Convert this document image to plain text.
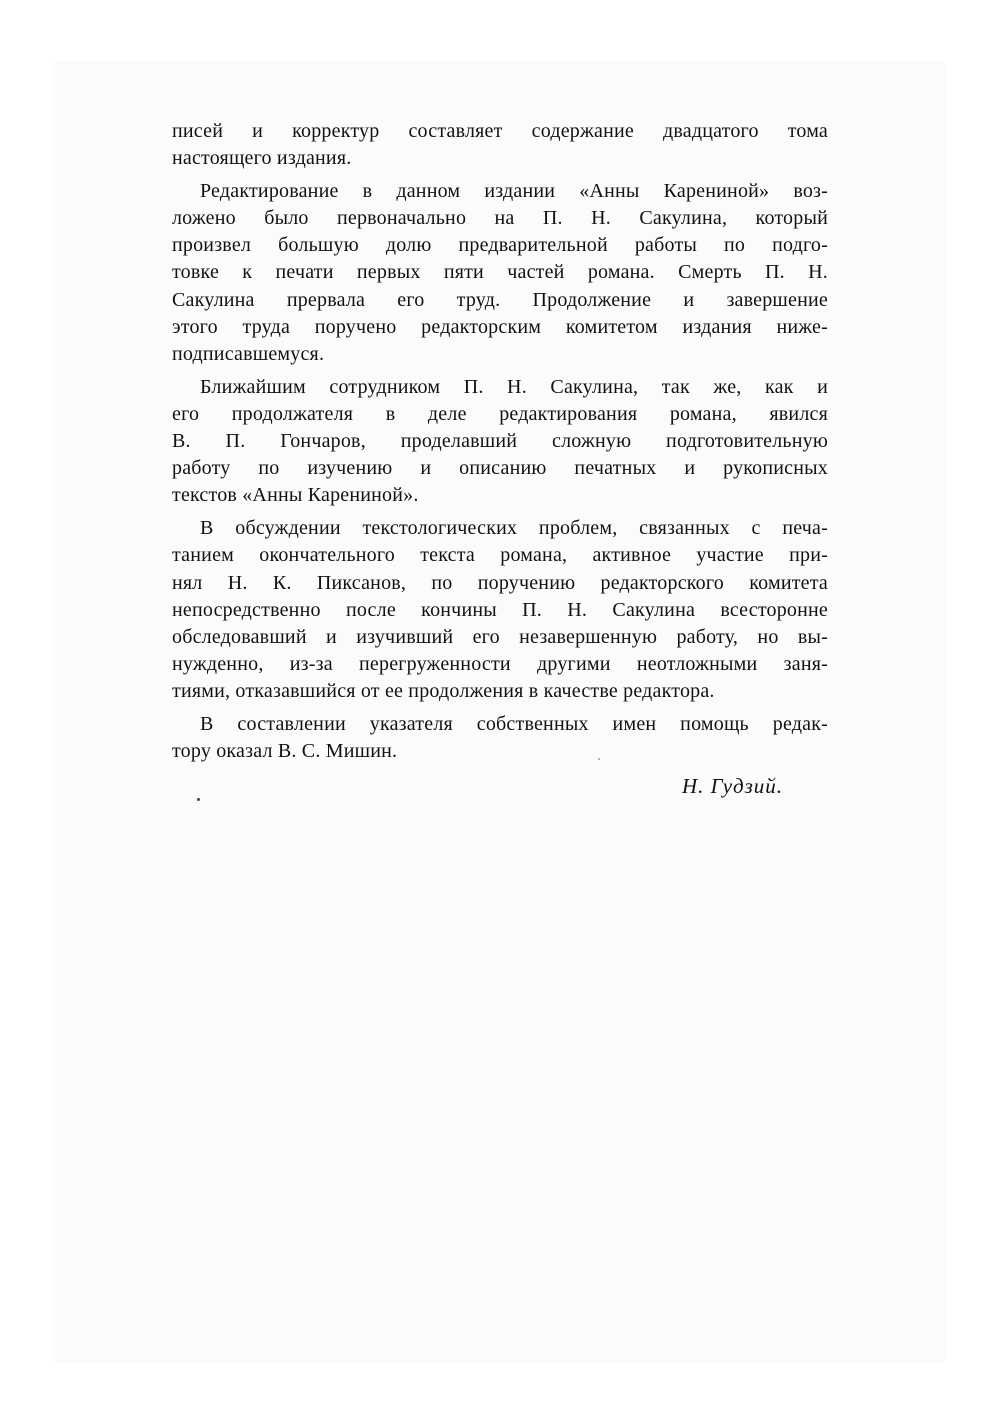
писей и корректур составляет содержание двадцатого тома
настоящего издания.
Редактирование в данном издании «Анны Карениной» воз-
ложено было первоначально на П. Н. Сакулина, который
произвел большую долю предварительной работы по подго-
товке к печати первых пяти частей романа. Смерть П. Н.
Сакулина прервала его труд. Продолжение и завершение
этого труда поручено редакторским комитетом издания ниже-
подписавшемуся.
Ближайшим сотрудником П. Н. Сакулина, так же, как и
его продолжателя в деле редактирования романа, явился
В. П. Гончаров, проделавший сложную подготовительную
работу по изучению и описанию печатных и рукописных
текстов «Анны Карениной».
В обсуждении текстологических проблем, связанных с печа-
танием окончательного текста романа, активное участие при-
нял Н. К. Пиксанов, по поручению редакторского комитета
непосредственно после кончины П. Н. Сакулина всесторонне
обследовавший и изучивший его незавершенную работу, но вы-
нужденно, из-за перегруженности другими неотложными заня-
тиями, отказавшийся от ее продолжения в качестве редактора.
В составлении указателя собственных имен помощь редак-
тору оказал В. С. Мишин.
Н. Гудзий.
